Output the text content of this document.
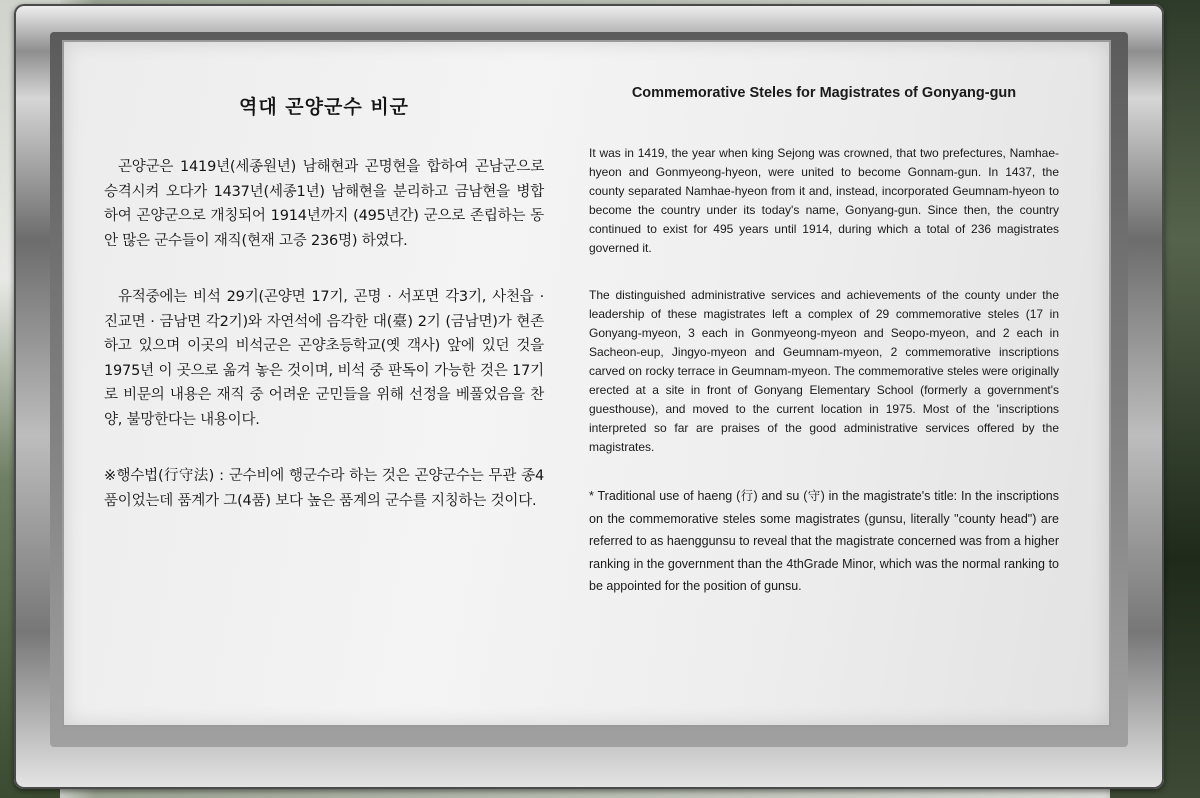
역대 곤양군수 비군

곤양군은 1419년(세종원년) 남해현과 곤명현을 합하여 곤남군으로 승격시켜 오다가 1437년(세종1년) 남해현을 분리하고 금남현을 병합하여 곤양군으로 개칭되어 1914년까지 (495년간) 군으로 존립하는 동안 많은 군수들이 재직(현재 고증 236명) 하였다.

유적중에는 비석 29기(곤양면 17기, 곤명 · 서포면 각3기, 사천읍 · 진교면 · 금남면 각2기)와 자연석에 음각한 대(臺) 2기 (금남면)가 현존하고 있으며 이곳의 비석군은 곤양초등학교(옛 객사) 앞에 있던 것을 1975년 이 곳으로 옮겨 놓은 것이며, 비석 중 판독이 가능한 것은 17기로 비문의 내용은 재직 중 어려운 군민들을 위해 선정을 베풀었음을 찬양, 불망한다는 내용이다.

※행수법(行守法) : 군수비에 행군수라 하는 것은 곤양군수는 무관 종4품이었는데 품계가 그(4품) 보다 높은 품계의 군수를 지칭하는 것이다.

Commemorative Steles for Magistrates of Gonyang-gun

It was in 1419, the year when king Sejong was crowned, that two prefectures, Namhae-hyeon and Gonmyeong-hyeon, were united to become Gonnam-gun. In 1437, the county separated Namhae-hyeon from it and, instead, incorporated Geumnam-hyeon to become the country under its today's name, Gonyang-gun. Since then, the country continued to exist for 495 years until 1914, during which a total of 236 magistrates governed it.

The distinguished administrative services and achievements of the county under the leadership of these magistrates left a complex of 29 commemorative steles (17 in Gonyang-myeon, 3 each in Gonmyeong-myeon and Seopo-myeon, and 2 each in Sacheon-eup, Jingyo-myeon and Geumnam-myeon, 2 commemorative inscriptions carved on rocky terrace in Geumnam-myeon. The commemorative steles were originally erected at a site in front of Gonyang Elementary School (formerly a government's guesthouse), and moved to the current location in 1975. Most of the 'inscriptions interpreted so far are praises of the good administrative services offered by the magistrates.

* Traditional use of haeng (行) and su (守) in the magistrate's title: In the inscriptions on the commemorative steles some magistrates (gunsu, literally "county head") are referred to as haenggunsu to reveal that the magistrate concerned was from a higher ranking in the government than the 4thGrade Minor, which was the normal ranking to be appointed for the position of gunsu.
